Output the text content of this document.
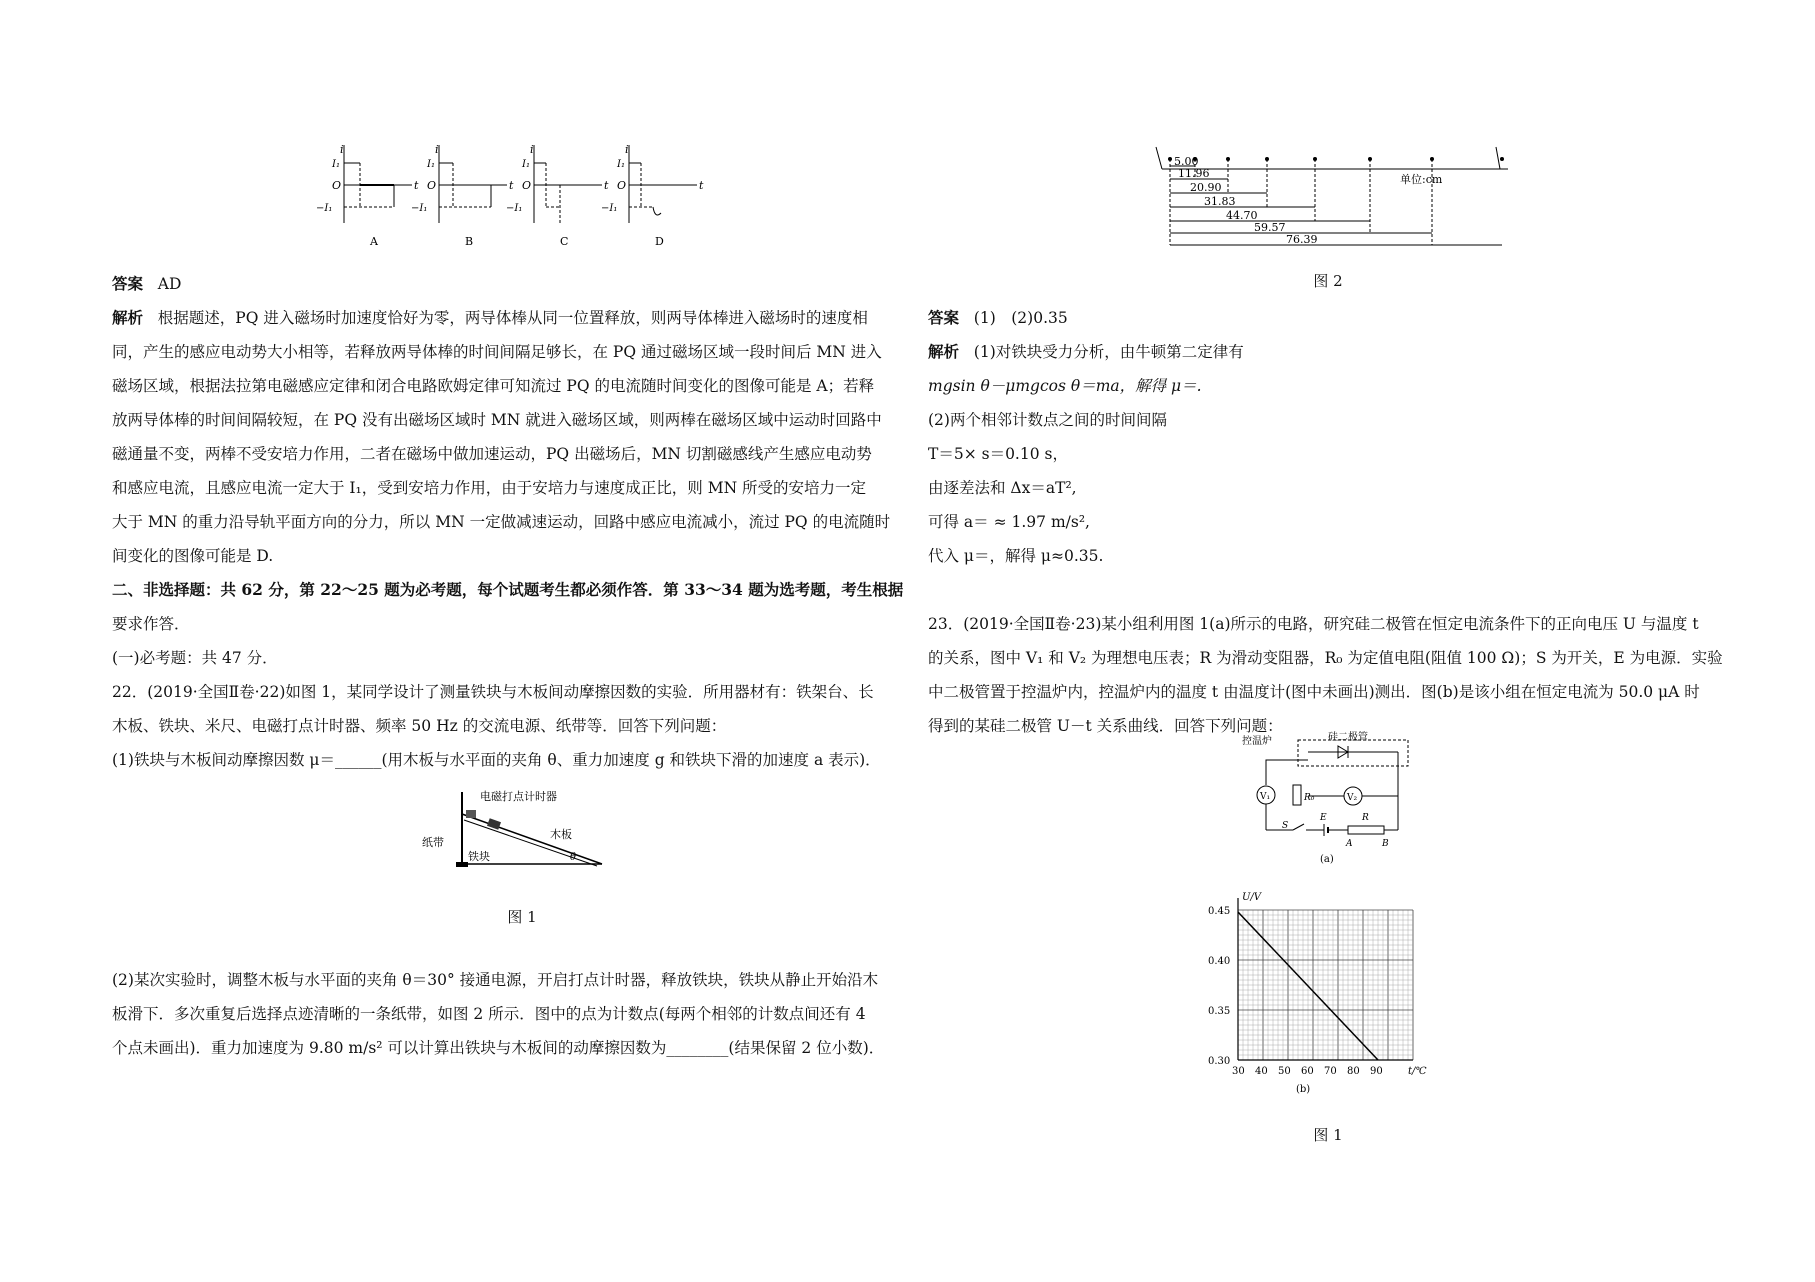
i
t
O
I₁
−I₁
A
i
t
O
I₁
−I₁
B
i
t
O
I₁
−I₁
C
i
t
O
I₁
−I₁
D
答案 AD
解析 根据题述，PQ 进入磁场时加速度恰好为零，两导体棒从同一位置释放，则两导体棒进入磁场时的速度相
同，产生的感应电动势大小相等，若释放两导体棒的时间间隔足够长，在 PQ 通过磁场区域一段时间后 MN 进入
磁场区域，根据法拉第电磁感应定律和闭合电路欧姆定律可知流过 PQ 的电流随时间变化的图像可能是 A；若释
放两导体棒的时间间隔较短，在 PQ 没有出磁场区域时 MN 就进入磁场区域，则两棒在磁场区域中运动时回路中
磁通量不变，两棒不受安培力作用，二者在磁场中做加速运动，PQ 出磁场后，MN 切割磁感线产生感应电动势
和感应电流，且感应电流一定大于 I₁，受到安培力作用，由于安培力与速度成正比，则 MN 所受的安培力一定
大于 MN 的重力沿导轨平面方向的分力，所以 MN 一定做减速运动，回路中感应电流减小，流过 PQ 的电流随时
间变化的图像可能是 D.
二、非选择题：共 62 分，第 22～25 题为必考题，每个试题考生都必须作答．第 33～34 题为选考题，考生根据
要求作答．
(一)必考题：共 47 分．
22．(2019·全国Ⅱ卷·22)如图 1，某同学设计了测量铁块与木板间动摩擦因数的实验．所用器材有：铁架台、长
木板、铁块、米尺、电磁打点计时器、频率 50 Hz 的交流电源、纸带等．回答下列问题：
(1)铁块与木板间动摩擦因数 μ＝______(用木板与水平面的夹角 θ、重力加速度 g 和铁块下滑的加速度 a 表示)．
电磁打点计时器
纸带
木板
铁块	θ
图 1
(2)某次实验时，调整木板与水平面的夹角 θ＝30° 接通电源，开启打点计时器，释放铁块，铁块从静止开始沿木
板滑下．多次重复后选择点迹清晰的一条纸带，如图 2 所示．图中的点为计数点(每两个相邻的计数点间还有 4
个点未画出)．重力加速度为 9.80 m/s² 可以计算出铁块与木板间的动摩擦因数为________(结果保留 2 位小数)．
5.00
11.96
20.90
31.83
44.70
59.57
76.39
单位:cm
图 2
答案 (1)　(2)0.35
解析 (1)对铁块受力分析，由牛顿第二定律有
mgsin θ－μmgcos θ＝ma，解得 μ＝.
(2)两个相邻计数点之间的时间间隔
T＝5× s＝0.10 s，
由逐差法和 Δx＝aT²,
可得 a＝ ≈ 1.97 m/s²,
代入 μ＝，解得 μ≈0.35.
23．(2019·全国Ⅱ卷·23)某小组利用图 1(a)所示的电路，研究硅二极管在恒定电流条件下的正向电压 U 与温度 t
的关系，图中 V₁ 和 V₂ 为理想电压表；R 为滑动变阻器，R₀ 为定值电阻(阻值 100 Ω)；S 为开关，E 为电源．实验
中二极管置于控温炉内，控温炉内的温度 t 由温度计(图中未画出)测出．图(b)是该小组在恒定电流为 50.0 μA 时
得到的某硅二极管 U－t 关系曲线．回答下列问题：
V₁	V₂
R₀
S
E	R
A	B
控温炉	硅二极管
(a)
U/V
t/℃
0.45
0.40
0.35
0.30
30 40 50 60 70 80 90
(b)
图 1
